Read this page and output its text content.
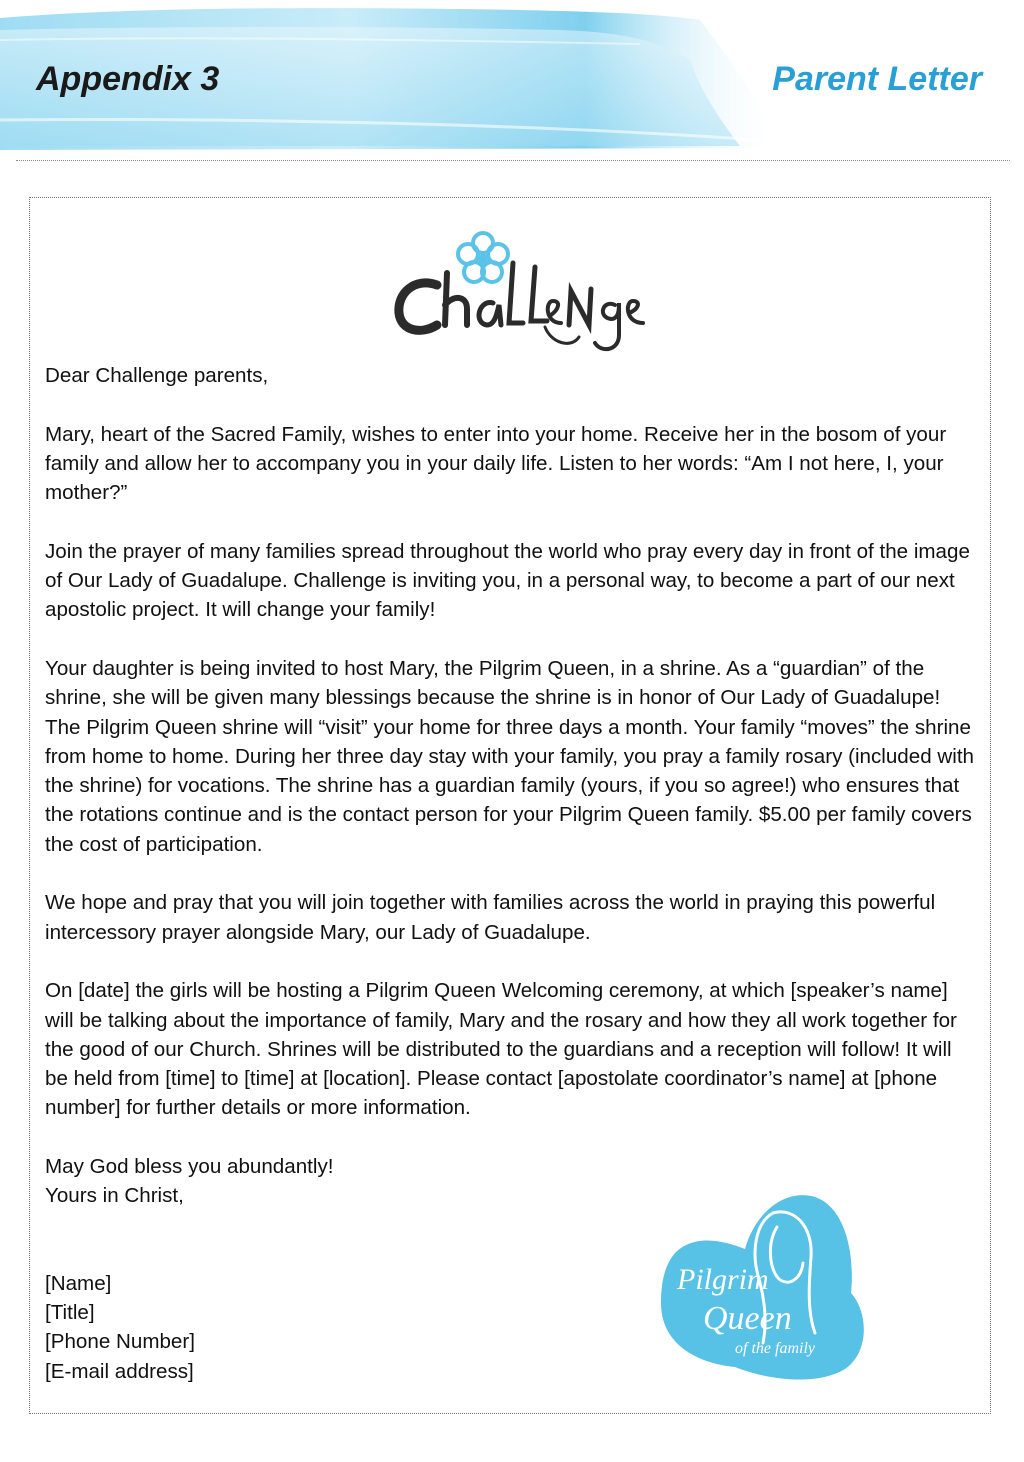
Appendix 3	Parent Letter

Dear Challenge parents,

Mary, heart of the Sacred Family, wishes to enter into your home. Receive her in the bosom of your family and allow her to accompany you in your daily life. Listen to her words: “Am I not here, I, your mother?”

Join the prayer of many families spread throughout the world who pray every day in front of the image of Our Lady of Guadalupe. Challenge is inviting you, in a personal way, to become a part of our next apostolic project. It will change your family!

Your daughter is being invited to host Mary, the Pilgrim Queen, in a shrine. As a “guardian” of the shrine, she will be given many blessings because the shrine is in honor of Our Lady of Guadalupe! The Pilgrim Queen shrine will “visit” your home for three days a month. Your family “moves” the shrine from home to home. During her three day stay with your family, you pray a family rosary (included with the shrine) for vocations. The shrine has a guardian family (yours, if you so agree!) who ensures that the rotations continue and is the contact person for your Pilgrim Queen family. $5.00 per family covers the cost of participation.

We hope and pray that you will join together with families across the world in praying this powerful intercessory prayer alongside Mary, our Lady of Guadalupe.

On [date] the girls will be hosting a Pilgrim Queen Welcoming ceremony, at which [speaker’s name] will be talking about the importance of family, Mary and the rosary and how they all work together for the good of our Church. Shrines will be distributed to the guardians and a reception will follow! It will be held from [time] to [time] at [location]. Please contact [apostolate coordinator’s name] at [phone number] for further details or more information.

May God bless you abundantly!

Yours in Christ,

[Name]

[Title]

[Phone Number]

[E-mail address]

Pilgrim
Queen
of the family
